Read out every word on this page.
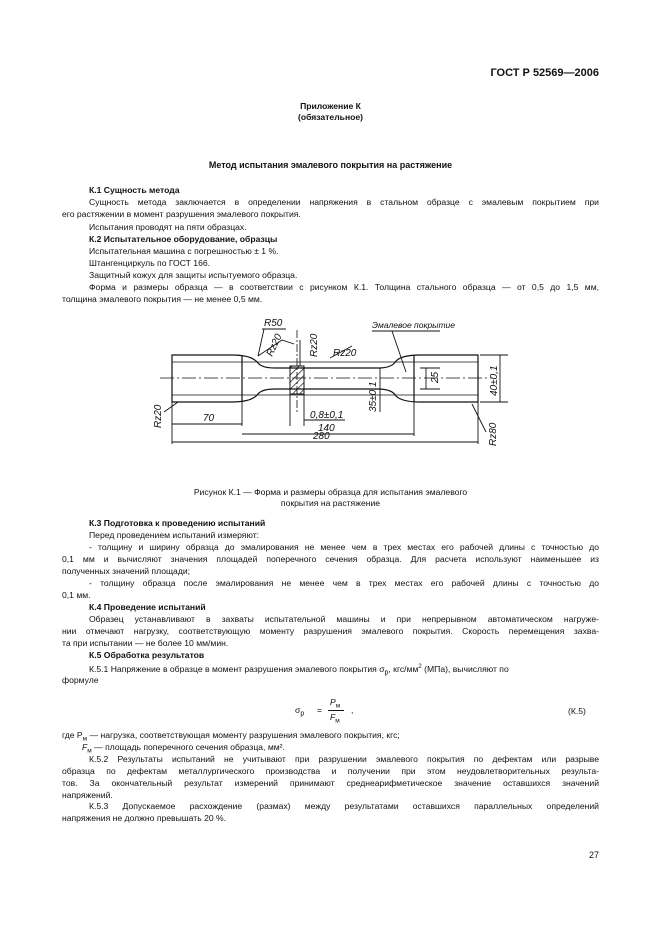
ГОСТ Р 52569—2006
Приложение К
(обязательное)
Метод испытания эмалевого покрытия на растяжение
К.1 Сущность метода
Сущность метода заключается в определении напряжения в стальном образце с эмалевым покрытием при
его растяжении в момент разрушения эмалевого покрытия.
Испытания проводят на пяти образцах.
К.2 Испытательное оборудование, образцы
Испытательная машина с погрешностью ± 1 %.
Штангенциркуль по ГОСТ 166.
Защитный кожух для защиты испытуемого образца.
Форма и размеры образца — в соответствии с рисунком К.1. Толщина стального образца — от 0,5 до 1,5 мм,
толщина эмалевого покрытия — не менее 0,5 мм.
R50
Rz20 Rz20 Rz20
Эмалевое покрытие
25	40±0,1
35±0,1
0,8±0,1
70
140
280
Rz20
Rz80
Рисунок К.1 — Форма и размеры образца для испытания эмалевого
покрытия на растяжение
К.3 Подготовка к проведению испытаний
Перед проведением испытаний измеряют:
- толщину и ширину образца до эмалирования не менее чем в трех местах его рабочей длины с точностью до
0,1 мм и вычисляют значения площадей поперечного сечения образца. Для расчета используют наименьшее из
полученных значений площади;
- толщину образца после эмалирования не менее чем в трех местах его рабочей длины с точностью до
0,1 мм.
К.4 Проведение испытаний
Образец устанавливают в захваты испытательной машины и при непрерывном автоматическом нагруже-
нии отмечают нагрузку, соответствующую моменту разрушения эмалевого покрытия. Скорость перемещения захва-
та при испытании — не более 10 мм/мин.
К.5 Обработка результатов
К.5.1 Напряжение в образце в момент разрушения эмалевого покрытия $\sigma_р$, кгс/$мм^2$ (МПа), вычисляют по
формуле
$\sigma_р$ =
$P_м$
$F_м$
,	(К.5)
где $P_м$ — нагрузка, соответствующая моменту разрушения эмалевого покрытия, кгс;
$F_м$ — площадь поперечного сечения образца, мм².
К.5.2 Результаты испытаний не учитывают при разрушении эмалевого покрытия по дефектам или разрыве
образца по дефектам металлургического производства и получении при этом неудовлетворительных результа-
тов. За окончательный результат измерений принимают среднеарифметическое значение оставшихся значений
напряжений.
К.5.3 Допускаемое расхождение (размах) между результатами оставшихся параллельных определений
напряжения не должно превышать 20 %.
27
